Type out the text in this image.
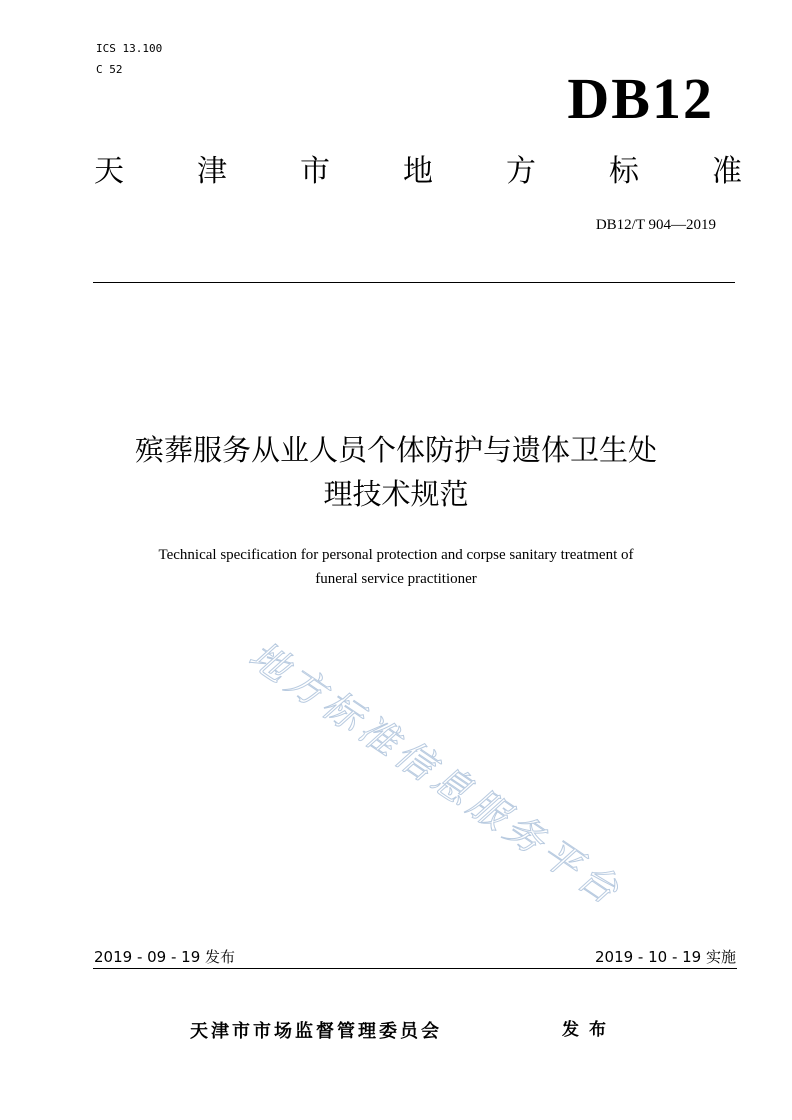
ICS 13.100
C 52	DB12
天 津 市 地 方 标 准
DB12/T 904—2019
殡葬服务从业人员个体防护与遗体卫生处
理技术规范
Technical specification for personal protection and corpse sanitary treatment of
funeral service practitioner
地方标准信息服务平台
2019 - 09 - 19 发布	2019 - 10 - 19 实施
天津市市场监督管理委员会	发布
